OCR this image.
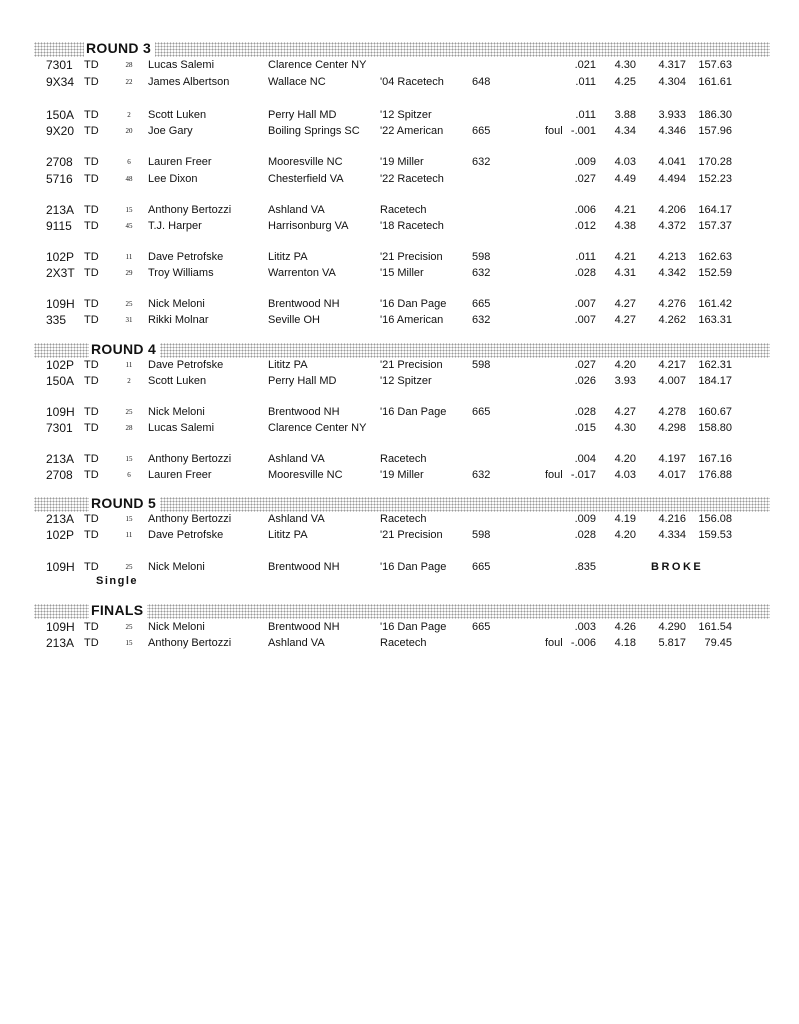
ROUND 3
ROUND 4
ROUND 5
FINALS
7301 TD	28	Lucas Salemi	Clarence Center NY	.021	4.30	4.317	157.63
9X34 TD	22	James Albertson	Wallace NC	'04 Racetech	648	.011	4.25	4.304	161.61
150A TD	2	Scott Luken	Perry Hall MD	'12 Spitzer	.011	3.88	3.933	186.30
9X20 TD	20	Joe Gary	Boiling Springs SC '22 American	665	foul -.001	4.34	4.346	157.96
2708 TD	6	Lauren Freer	Mooresville NC	'19 Miller	632	.009	4.03	4.041	170.28
5716 TD	48	Lee Dixon	Chesterfield VA	'22 Racetech	.027	4.49	4.494	152.23
213A TD	15	Anthony Bertozzi	Ashland VA	Racetech	.006	4.21	4.206	164.17
9115 TD	45	T.J. Harper	Harrisonburg VA	'18 Racetech	.012	4.38	4.372	157.37
102P TD	11	Dave Petrofske	Lititz PA	'21 Precision	598	.011	4.21	4.213	162.63
2X3T TD	29	Troy Williams	Warrenton VA	'15 Miller	632	.028	4.31	4.342	152.59
109H TD	25	Nick Meloni	Brentwood NH	'16 Dan Page 665	.007	4.27	4.276	161.42
335 TD	31	Rikki Molnar	Seville OH	'16 American	632	.007	4.27	4.262	163.31
102P TD	11	Dave Petrofske	Lititz PA	'21 Precision	598	.027	4.20	4.217	162.31
150A TD	2	Scott Luken	Perry Hall MD	'12 Spitzer	.026	3.93	4.007	184.17
109H TD	25	Nick Meloni	Brentwood NH	'16 Dan Page 665	.028	4.27	4.278	160.67
7301 TD	28	Lucas Salemi	Clarence Center NY	.015	4.30	4.298	158.80
213A TD	15	Anthony Bertozzi	Ashland VA	Racetech	.004	4.20	4.197	167.16
2708 TD	6	Lauren Freer	Mooresville NC	'19 Miller	632	foul -.017	4.03	4.017	176.88
213A TD	15	Anthony Bertozzi	Ashland VA	Racetech	.009	4.19	4.216	156.08
102P TD	11	Dave Petrofske	Lititz PA	'21 Precision	598	.028	4.20	4.334	159.53
109H TD	25	Nick Meloni	Brentwood NH	'16 Dan Page 665	.835	BROKE
109H TD	25	Nick Meloni	Brentwood NH	'16 Dan Page 665	.003	4.26	4.290	161.54
213A TD	15	Anthony Bertozzi	Ashland VA	Racetech	foul -.006	4.18	5.817	79.45
Single
